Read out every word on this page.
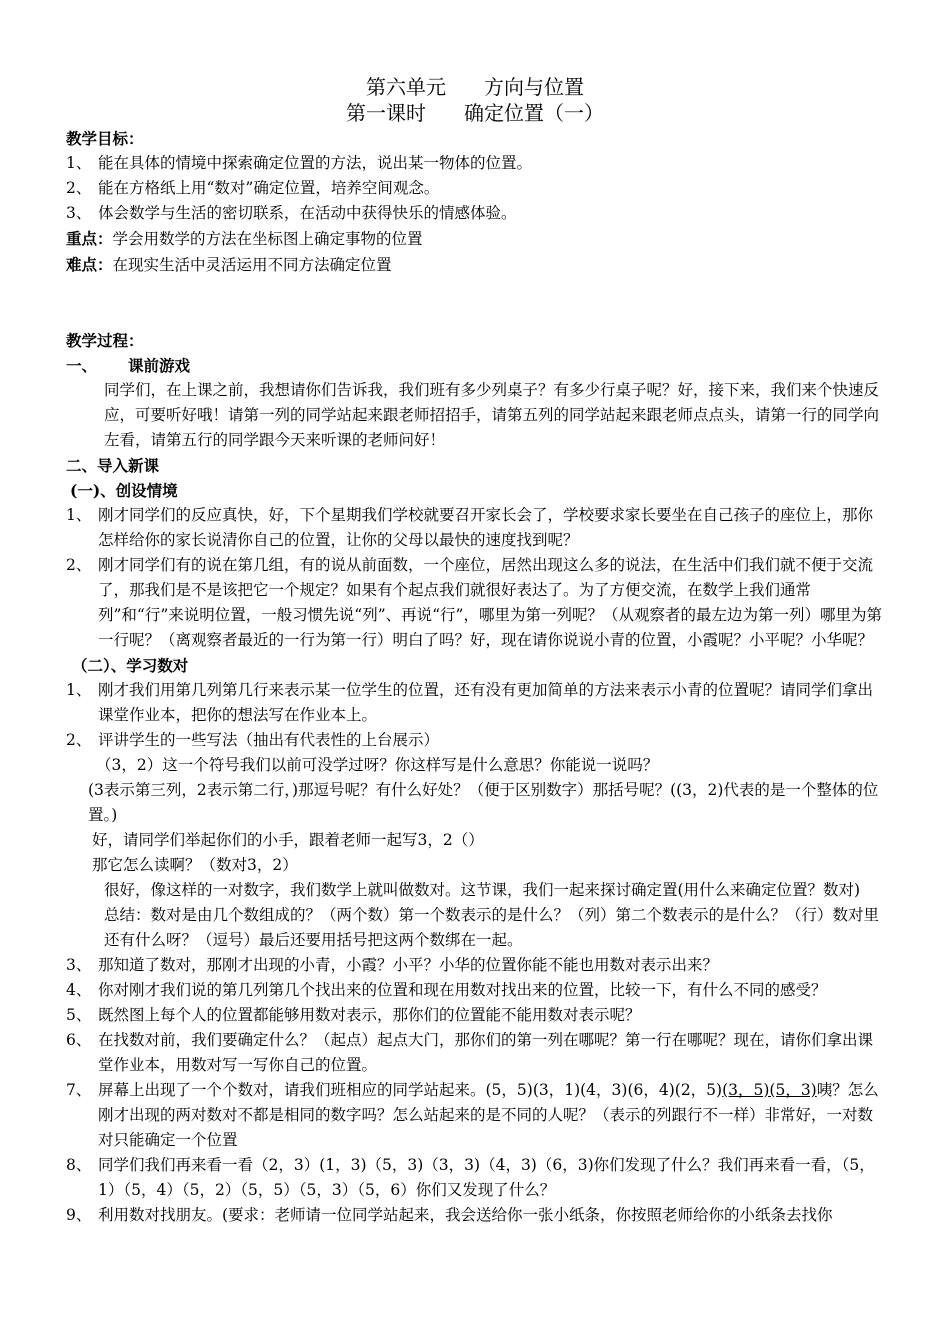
第六单元 方向与位置
第一课时 确定位置（一）
教学目标：
1、 能在具体的情境中探索确定位置的方法，说出某一物体的位置。
2、 能在方格纸上用“数对”确定位置，培养空间观念。
3、 体会数学与生活的密切联系，在活动中获得快乐的情感体验。
重点：学会用数学的方法在坐标图上确定事物的位置
难点：在现实生活中灵活运用不同方法确定位置
教学过程：
一、 课前游戏
同学们，在上课之前，我想请你们告诉我，我们班有多少列桌子？有多少行桌子呢？好，接下来，我们来个快速反应，可要听好哦！请第一列的同学站起来跟老师招招手，请第五列的同学站起来跟老师点点头，请第一行的同学向左看，请第五行的同学跟今天来听课的老师问好！
二、导入新课
(一)、创设情境
1、 刚才同学们的反应真快，好，下个星期我们学校就要召开家长会了，学校要求家长要坐在自己孩子的座位上，那你怎样给你的家长说清你自己的位置，让你的父母以最快的速度找到呢？
2、 刚才同学们有的说在第几组，有的说从前面数，一个座位，居然出现这么多的说法，在生活中们我们就不便于交流了，那我们是不是该把它一个规定？如果有个起点我们就很好表达了。为了方便交流，在数学上我们通常列”和“行”来说明位置，一般习惯先说“列”、再说“行”，哪里为第一列呢？（从观察者的最左边为第一列）哪里为第一行呢？（离观察者最近的一行为第一行）明白了吗？好，现在请你说说小青的位置，小霞呢？小平呢？小华呢？
（二）、学习数对
1、 刚才我们用第几列第几行来表示某一位学生的位置，还有没有更加简单的方法来表示小青的位置呢？请同学们拿出课堂作业本，把你的想法写在作业本上。
2、 评讲学生的一些写法（抽出有代表性的上台展示）
（3，2）这一个符号我们以前可没学过呀？你这样写是什么意思？你能说一说吗？
(3表示第三列，2表示第二行，)那逗号呢？有什么好处？（便于区别数字）那括号呢？((3，2)代表的是一个整体的位置。)
好，请同学们举起你们的小手，跟着老师一起写3，2（）
那它怎么读啊？（数对3，2）
很好，像这样的一对数字，我们数学上就叫做数对。这节课，我们一起来探讨确定置(用什么来确定位置？数对)
总结：数对是由几个数组成的？（两个数）第一个数表示的是什么？（列）第二个数表示的是什么？（行）数对里还有什么呀？（逗号）最后还要用括号把这两个数绑在一起。
3、 那知道了数对，那刚才出现的小青，小霞？小平？小华的位置你能不能也用数对表示出来？
4、 你对刚才我们说的第几列第几个找出来的位置和现在用数对找出来的位置，比较一下，有什么不同的感受？
5、 既然图上每个人的位置都能够用数对表示，那你们的位置能不能用数对表示呢？
6、 在找数对前，我们要确定什么？（起点）起点大门，那你们的第一列在哪呢？第一行在哪呢？现在，请你们拿出课堂作业本，用数对写一写你自己的位置。
7、 屏幕上出现了一个个数对，请我们班相应的同学站起来。(5，5)(3，1)(4，3)(6，4)(2，5)(3，5)(5，3)咦？怎么刚才出现的两对数对不都是相同的数字吗？怎么站起来的是不同的人呢？（表示的列跟行不一样）非常好，一对数对只能确定一个位置
8、 同学们我们再来看一看（2，3）(1，3)（5，3)（3，3)（4，3)（6，3)你们发现了什么？我们再来看一看，（5，1）（5，4）（5，2）（5，5）（5，3）（5，6）你们又发现了什么？
9、 利用数对找朋友。(要求：老师请一位同学站起来，我会送给你一张小纸条，你按照老师给你的小纸条去找你
